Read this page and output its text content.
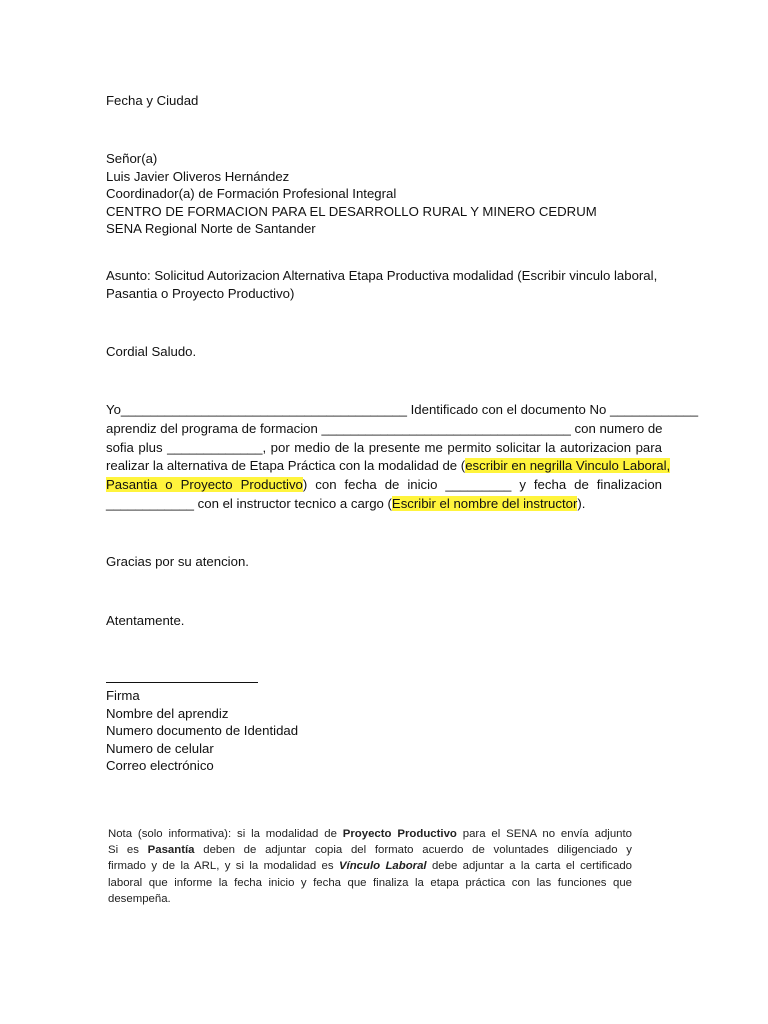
Fecha y Ciudad
Señor(a)
Luis Javier Oliveros Hernández
Coordinador(a) de Formación Profesional Integral
CENTRO DE FORMACION PARA EL DESARROLLO RURAL Y MINERO CEDRUM
SENA Regional Norte de Santander
Asunto: Solicitud Autorizacion Alternativa Etapa Productiva modalidad (Escribir vinculo laboral,
Pasantia o Proyecto Productivo)
Cordial Saludo.
Yo_______________________________________ Identificado con el documento No ____________
aprendiz del programa de formacion __________________________________ con numero de
sofia plus _____________, por medio de la presente me permito solicitar la autorizacion para
realizar la alternativa de Etapa Práctica con la modalidad de (escribir en negrilla Vinculo Laboral,
Pasantia o Proyecto Productivo) con fecha de inicio _________ y fecha de finalizacion
____________ con el instructor tecnico a cargo (Escribir el nombre del instructor).
Gracias por su atencion.
Atentamente.
Firma
Nombre del aprendiz
Numero documento de Identidad
Numero de celular
Correo electrónico
Nota (solo informativa): si la modalidad de Proyecto Productivo para el SENA no envía adjunto
Si es Pasantía deben de adjuntar copia del formato acuerdo de voluntades diligenciado y
firmado y de la ARL, y si la modalidad es Vínculo Laboral debe adjuntar a la carta el certificado
laboral que informe la fecha inicio y fecha que finaliza la etapa práctica con las funciones que
desempeña.
